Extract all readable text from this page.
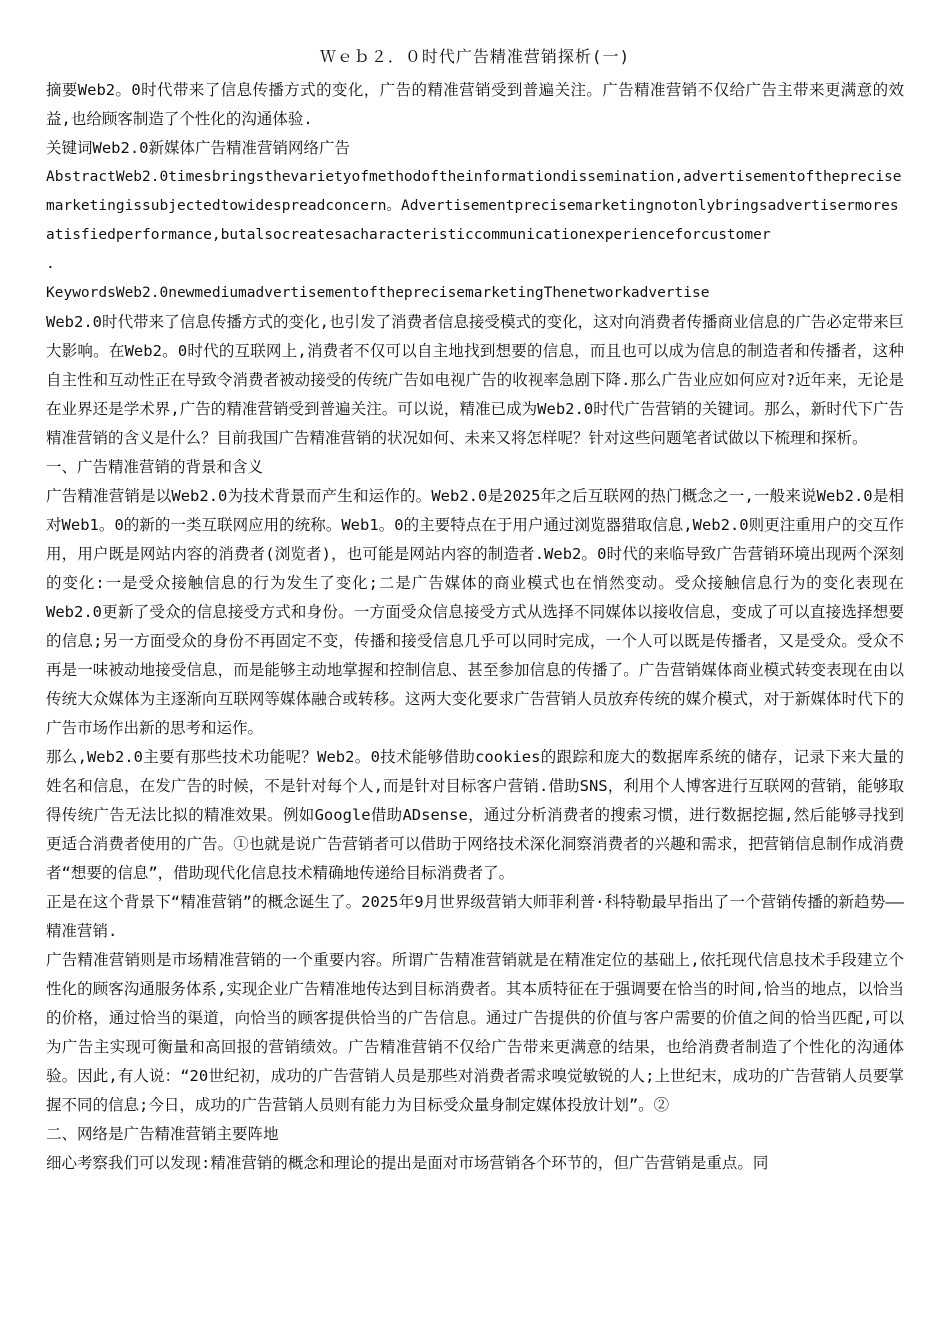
Ｗｅｂ２．０时代广告精准营销探析(一)

摘要Web2。0时代带来了信息传播方式的变化，广告的精准营销受到普遍关注。广告精准营销不仅给广告主带来更满意的效益,也给顾客制造了个性化的沟通体验.

关键词Web2.0新媒体广告精准营销网络广告

AbstractWeb2.0timesbringsthevarietyofmethodoftheinformationdissemination,advertisementoftheprecisemarketingissubjectedtowidespreadconcern。Advertisementprecisemarketingnotonlybringsadvertisermoresatisfiedperformance,butalsocreatesacharacteristiccommunicationexperienceforcustomer

.

KeywordsWeb2.0newmediumadvertisementoftheprecisemarketingThenetworkadvertise

Web2.0时代带来了信息传播方式的变化,也引发了消费者信息接受模式的变化，这对向消费者传播商业信息的广告必定带来巨大影响。在Web2。0时代的互联网上,消费者不仅可以自主地找到想要的信息，而且也可以成为信息的制造者和传播者，这种自主性和互动性正在导致令消费者被动接受的传统广告如电视广告的收视率急剧下降.那么广告业应如何应对?近年来，无论是在业界还是学术界,广告的精准营销受到普遍关注。可以说，精准已成为Web2.0时代广告营销的关键词。那么，新时代下广告精准营销的含义是什么？目前我国广告精准营销的状况如何、未来又将怎样呢？针对这些问题笔者试做以下梳理和探析。

一、广告精准营销的背景和含义

广告精准营销是以Web2.0为技术背景而产生和运作的。Web2.0是2025年之后互联网的热门概念之一,一般来说Web2.0是相对Web1。0的新的一类互联网应用的统称。Web1。0的主要特点在于用户通过浏览器猎取信息,Web2.0则更注重用户的交互作用，用户既是网站内容的消费者(浏览者)，也可能是网站内容的制造者.Web2。0时代的来临导致广告营销环境出现两个深刻的变化:一是受众接触信息的行为发生了变化;二是广告媒体的商业模式也在悄然变动。受众接触信息行为的变化表现在Web2.0更新了受众的信息接受方式和身份。一方面受众信息接受方式从选择不同媒体以接收信息，变成了可以直接选择想要的信息;另一方面受众的身份不再固定不变，传播和接受信息几乎可以同时完成，一个人可以既是传播者，又是受众。受众不再是一味被动地接受信息，而是能够主动地掌握和控制信息、甚至参加信息的传播了。广告营销媒体商业模式转变表现在由以传统大众媒体为主逐渐向互联网等媒体融合或转移。这两大变化要求广告营销人员放弃传统的媒介模式，对于新媒体时代下的广告市场作出新的思考和运作。

那么,Web2.0主要有那些技术功能呢？Web2。0技术能够借助cookies的跟踪和庞大的数据库系统的储存，记录下来大量的姓名和信息，在发广告的时候，不是针对每个人,而是针对目标客户营销.借助SNS，利用个人博客进行互联网的营销，能够取得传统广告无法比拟的精准效果。例如Google借助ADsense，通过分析消费者的搜索习惯，进行数据挖掘,然后能够寻找到更适合消费者使用的广告。①也就是说广告营销者可以借助于网络技术深化洞察消费者的兴趣和需求，把营销信息制作成消费者“想要的信息”，借助现代化信息技术精确地传递给目标消费者了。

正是在这个背景下“精准营销”的概念诞生了。2025年9月世界级营销大师菲利普·科特勒最早指出了一个营销传播的新趋势——精准营销.

广告精准营销则是市场精准营销的一个重要内容。所谓广告精准营销就是在精准定位的基础上,依托现代信息技术手段建立个性化的顾客沟通服务体系,实现企业广告精准地传达到目标消费者。其本质特征在于强调要在恰当的时间,恰当的地点，以恰当的价格，通过恰当的渠道，向恰当的顾客提供恰当的广告信息。通过广告提供的价值与客户需要的价值之间的恰当匹配,可以为广告主实现可衡量和高回报的营销绩效。广告精准营销不仅给广告带来更满意的结果，也给消费者制造了个性化的沟通体验。因此,有人说：“20世纪初，成功的广告营销人员是那些对消费者需求嗅觉敏锐的人;上世纪末，成功的广告营销人员要掌握不同的信息;今日，成功的广告营销人员则有能力为目标受众量身制定媒体投放计划”。②

二、网络是广告精准营销主要阵地

细心考察我们可以发现:精准营销的概念和理论的提出是面对市场营销各个环节的，但广告营销是重点。同
